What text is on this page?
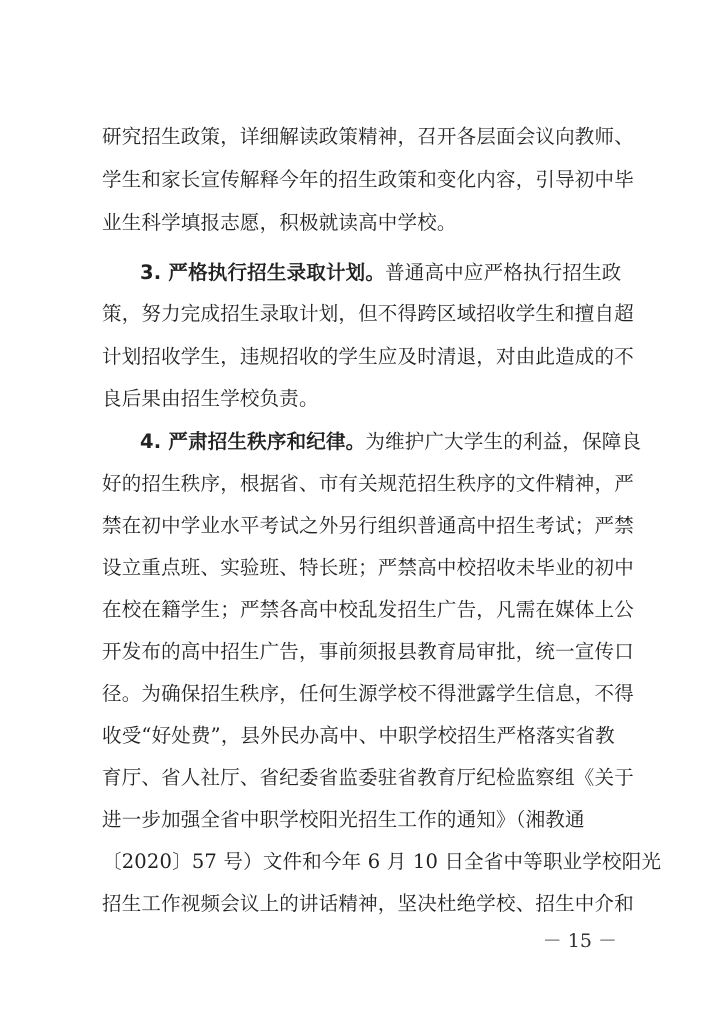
研究招生政策，详细解读政策精神，召开各层面会议向教师、
学生和家长宣传解释今年的招生政策和变化内容，引导初中毕
业生科学填报志愿，积极就读高中学校。
3. 严格执行招生录取计划。普通高中应严格执行招生政
策，努力完成招生录取计划，但不得跨区域招收学生和擅自超
计划招收学生，违规招收的学生应及时清退，对由此造成的不
良后果由招生学校负责。
4. 严肃招生秩序和纪律。为维护广大学生的利益，保障良
好的招生秩序，根据省、市有关规范招生秩序的文件精神，严
禁在初中学业水平考试之外另行组织普通高中招生考试；严禁
设立重点班、实验班、特长班；严禁高中校招收未毕业的初中
在校在籍学生；严禁各高中校乱发招生广告，凡需在媒体上公
开发布的高中招生广告，事前须报县教育局审批，统一宣传口
径。为确保招生秩序，任何生源学校不得泄露学生信息，不得
收受“好处费”，县外民办高中、中职学校招生严格落实省教
育厅、省人社厅、省纪委省监委驻省教育厅纪检监察组《关于
进一步加强全省中职学校阳光招生工作的通知》（湘教通
〔2020〕57 号）文件和今年 6 月 10 日全省中等职业学校阳光
招生工作视频会议上的讲话精神，坚决杜绝学校、招生中介和
－ 15 －
